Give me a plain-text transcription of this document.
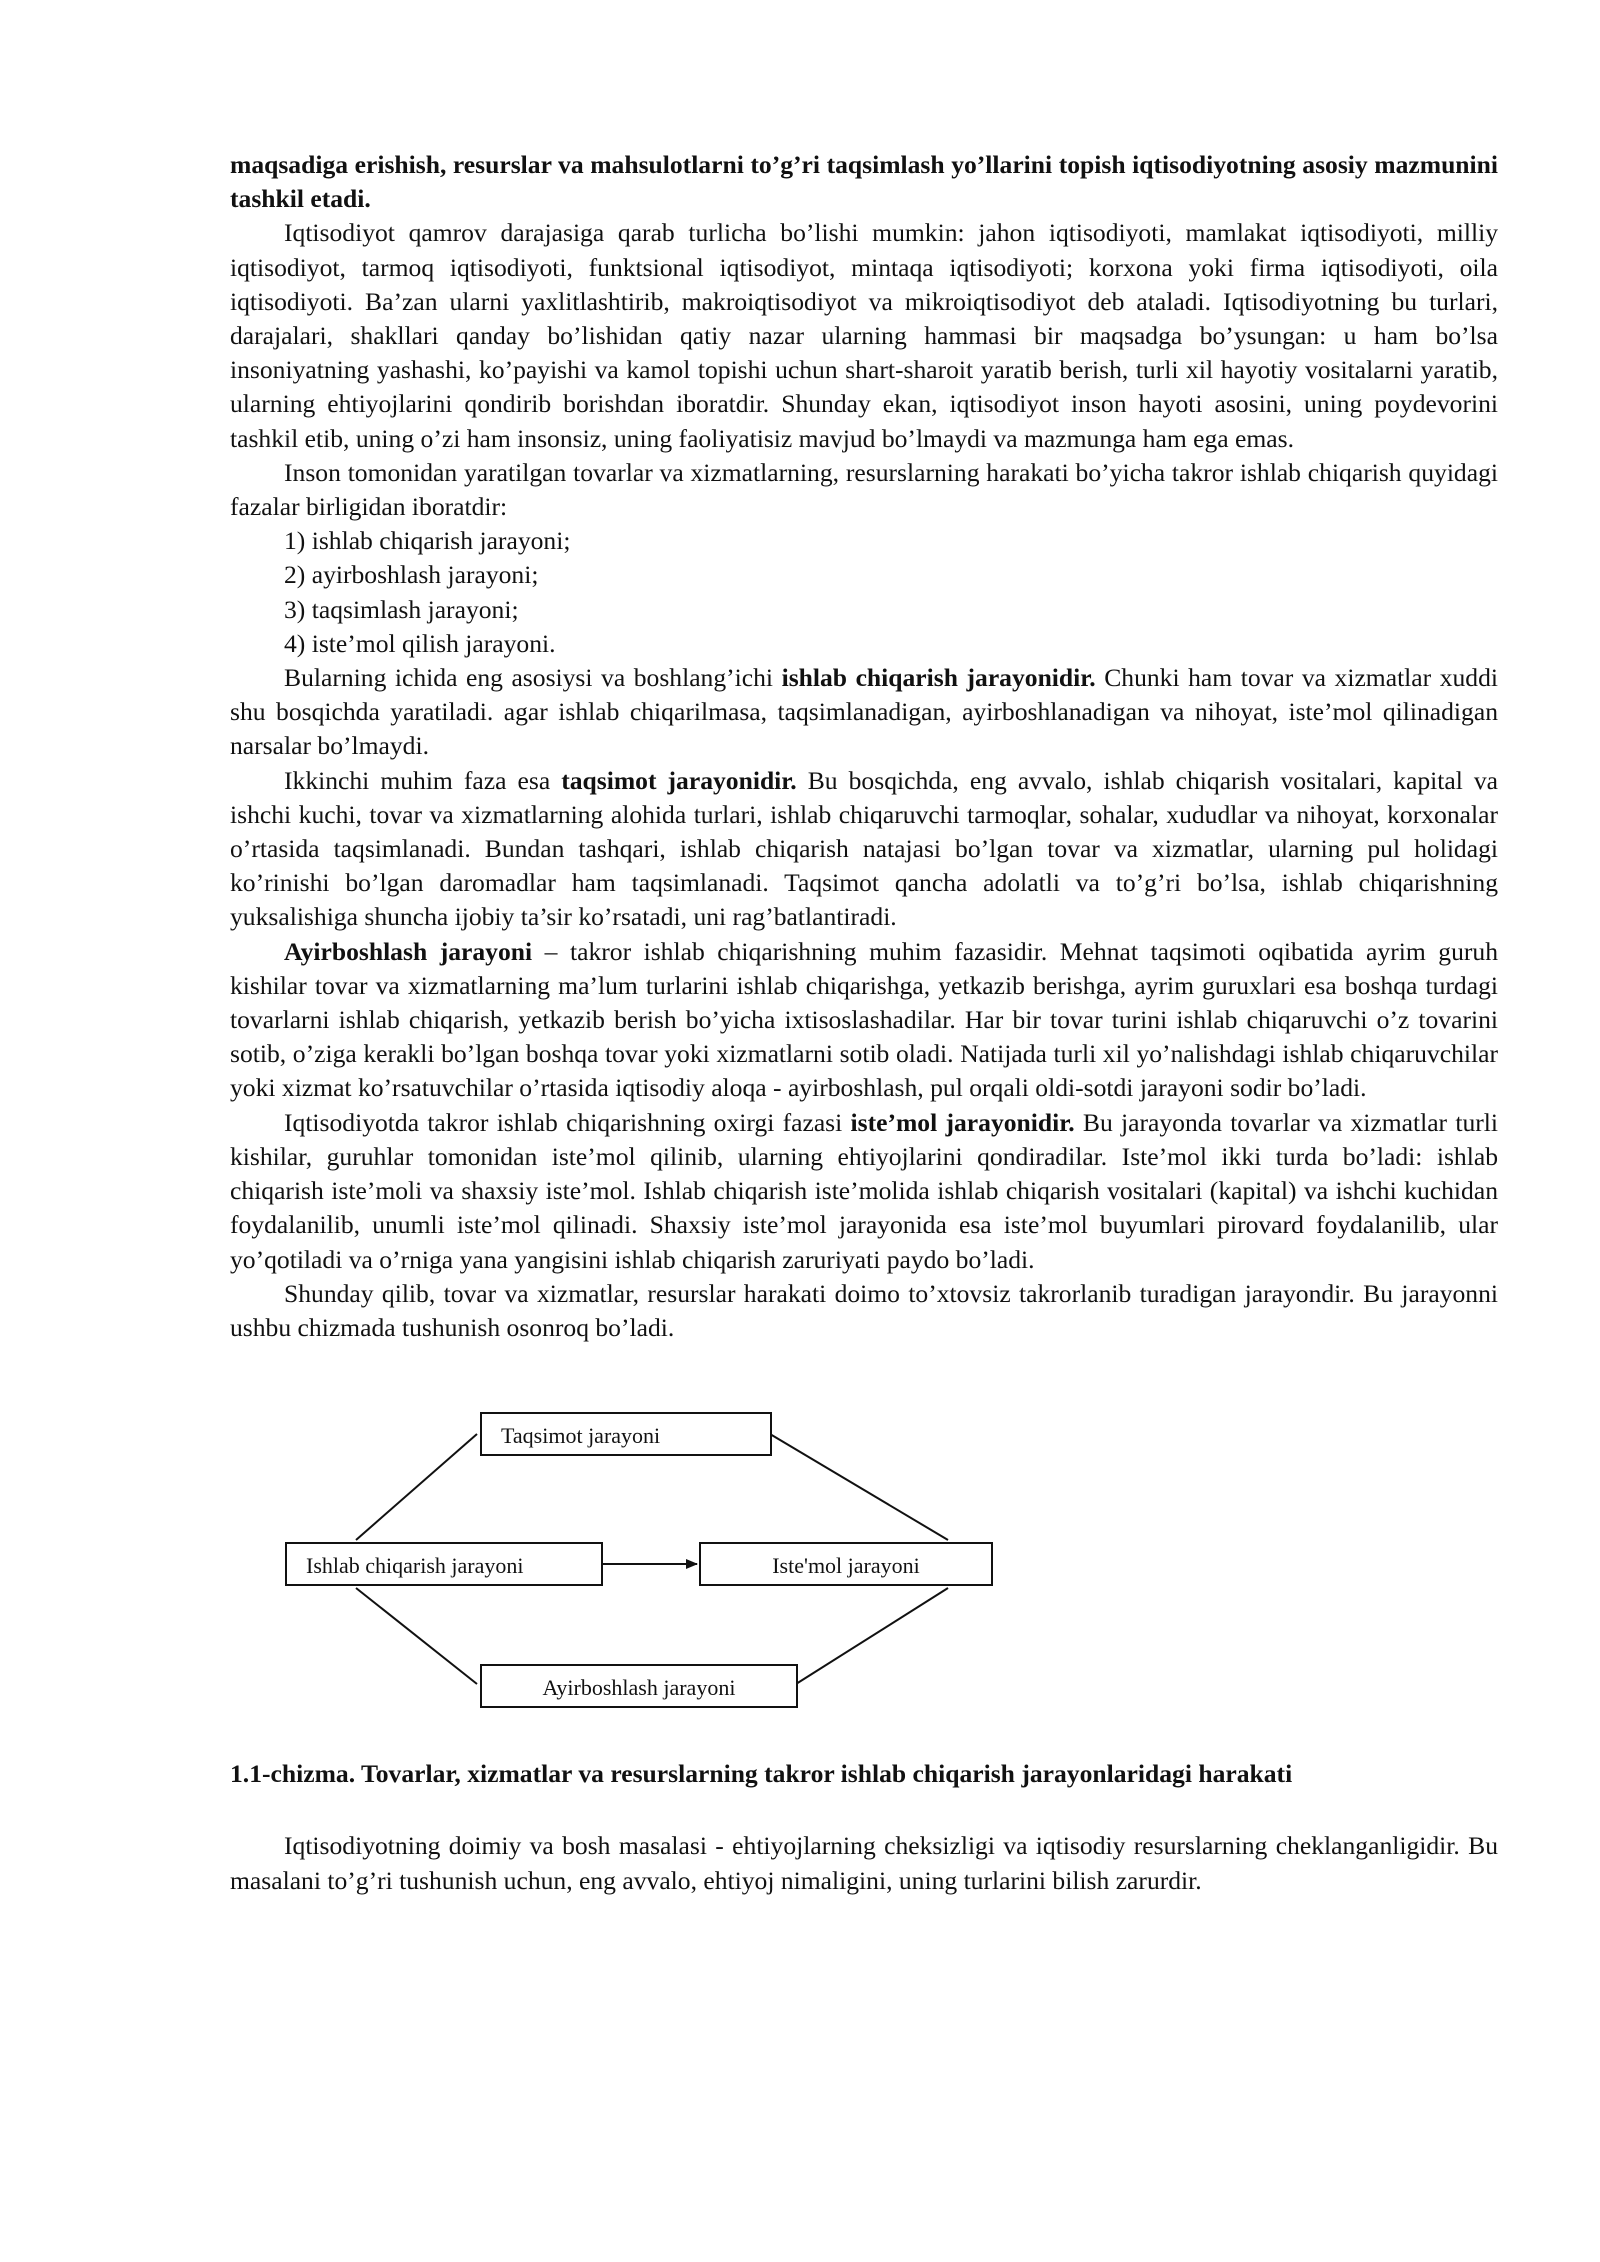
maqsadiga erishish, resurslar va mahsulotlarni to’g’ri taqsimlash yo’llarini topish iqtisodiyotning asosiy mazmunini tashkil etadi.

Iqtisodiyot qamrov darajasiga qarab turlicha bo’lishi mumkin: jahon iqtisodiyoti, mamlakat iqtisodiyoti, milliy iqtisodiyot, tarmoq iqtisodiyoti, funktsional iqtisodiyot, mintaqa iqtisodiyoti; korxona yoki firma iqtisodiyoti, oila iqtisodiyoti. Ba’zan ularni yaxlitlashtirib, makroiqtisodiyot va mikroiqtisodiyot deb ataladi. Iqtisodiyotning bu turlari, darajalari, shakllari qanday bo’lishidan qatiy nazar ularning hammasi bir maqsadga bo’ysungan: u ham bo’lsa insoniyatning yashashi, ko’payishi va kamol topishi uchun shart-sharoit yaratib berish, turli xil hayotiy vositalarni yaratib, ularning ehtiyojlarini qondirib borishdan iboratdir. Shunday ekan, iqtisodiyot inson hayoti asosini, uning poydevorini tashkil etib, uning o’zi ham insonsiz, uning faoliyatisiz mavjud bo’lmaydi va mazmunga ham ega emas.

Inson tomonidan yaratilgan tovarlar va xizmatlarning, resurslarning harakati bo’yicha takror ishlab chiqarish quyidagi fazalar birligidan iboratdir:

1) ishlab chiqarish jarayoni;

2) ayirboshlash jarayoni;

3) taqsimlash jarayoni;

4) iste’mol qilish jarayoni.

Bularning ichida eng asosiysi va boshlang’ichi ishlab chiqarish jarayonidir. Chunki ham tovar va xizmatlar xuddi shu bosqichda yaratiladi. agar ishlab chiqarilmasa, taqsimlanadigan, ayirboshlanadigan va nihoyat, iste’mol qilinadigan narsalar bo’lmaydi.

Ikkinchi muhim faza esa taqsimot jarayonidir. Bu bosqichda, eng avvalo, ishlab chiqarish vositalari, kapital va ishchi kuchi, tovar va xizmatlarning alohida turlari, ishlab chiqaruvchi tarmoqlar, sohalar, xududlar va nihoyat, korxonalar o’rtasida taqsimlanadi. Bundan tashqari, ishlab chiqarish natajasi bo’lgan tovar va xizmatlar, ularning pul holidagi ko’rinishi bo’lgan daromadlar ham taqsimlanadi. Taqsimot qancha adolatli va to’g’ri bo’lsa, ishlab chiqarishning yuksalishiga shuncha ijobiy ta’sir ko’rsatadi, uni rag’batlantiradi.

Ayirboshlash jarayoni – takror ishlab chiqarishning muhim fazasidir. Mehnat taqsimoti oqibatida ayrim guruh kishilar tovar va xizmatlarning ma’lum turlarini ishlab chiqarishga, yetkazib berishga, ayrim guruxlari esa boshqa turdagi tovarlarni ishlab chiqarish, yetkazib berish bo’yicha ixtisoslashadilar. Har bir tovar turini ishlab chiqaruvchi o’z tovarini sotib, o’ziga kerakli bo’lgan boshqa tovar yoki xizmatlarni sotib oladi. Natijada turli xil yo’nalishdagi ishlab chiqaruvchilar yoki xizmat ko’rsatuvchilar o’rtasida iqtisodiy aloqa - ayirboshlash, pul orqali oldi-sotdi jarayoni sodir bo’ladi.

Iqtisodiyotda takror ishlab chiqarishning oxirgi fazasi iste’mol jarayonidir. Bu jarayonda tovarlar va xizmatlar turli kishilar, guruhlar tomonidan iste’mol qilinib, ularning ehtiyojlarini qondiradilar. Iste’mol ikki turda bo’ladi: ishlab chiqarish iste’moli va shaxsiy iste’mol. Ishlab chiqarish iste’molida ishlab chiqarish vositalari (kapital) va ishchi kuchidan foydalanilib, unumli iste’mol qilinadi. Shaxsiy iste’mol jarayonida esa iste’mol buyumlari pirovard foydalanilib, ular yo’qotiladi va o’rniga yana yangisini ishlab chiqarish zaruriyati paydo bo’ladi.

Shunday qilib, tovar va xizmatlar, resurslar harakati doimo to’xtovsiz takrorlanib turadigan jarayondir. Bu jarayonni ushbu chizmada tushunish osonroq bo’ladi.

Taqsimot jarayoni
Ishlab chiqarish jarayoni	Iste'mol jarayoni
Ayirboshlash jarayoni

1.1-chizma. Tovarlar, xizmatlar va resurslarning takror ishlab chiqarish jarayonlaridagi harakati

Iqtisodiyotning doimiy va bosh masalasi - ehtiyojlarning cheksizligi va iqtisodiy resurslarning cheklanganligidir. Bu masalani to’g’ri tushunish uchun, eng avvalo, ehtiyoj nimaligini, uning turlarini bilish zarurdir.
